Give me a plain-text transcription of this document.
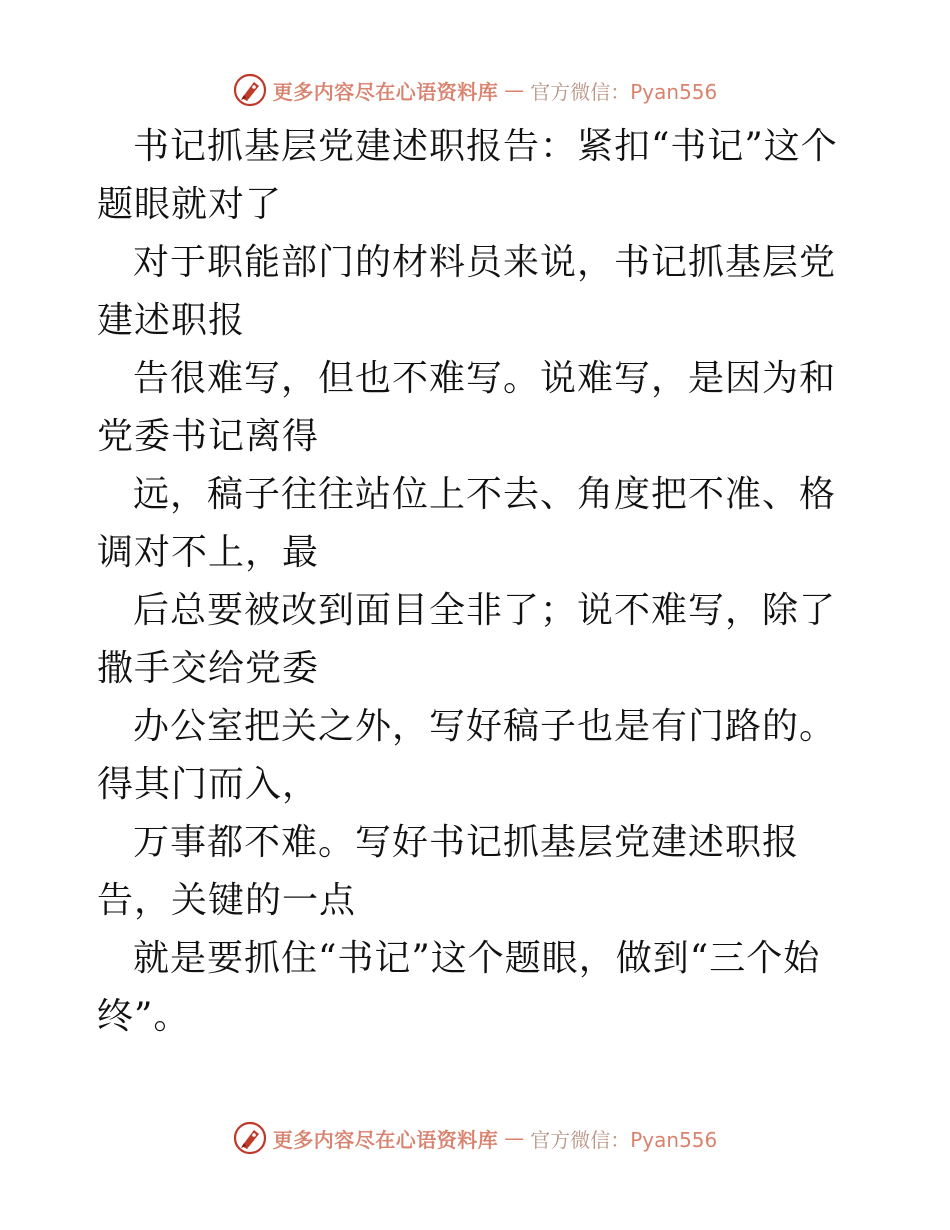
更多内容尽在心语资料库 — 官方微信：Pyan556

书记抓基层党建述职报告：紧扣“书记”这个题眼就对了

对于职能部门的材料员来说，书记抓基层党建述职报

告很难写，但也不难写。说难写，是因为和党委书记离得

远，稿子往往站位上不去、角度把不准、格调对不上，最

后总要被改到面目全非了；说不难写，除了撒手交给党委

办公室把关之外，写好稿子也是有门路的。得其门而入，

万事都不难。写好书记抓基层党建述职报告，关键的一点

就是要抓住“书记”这个题眼，做到“三个始终”。

更多内容尽在心语资料库 — 官方微信：Pyan556
